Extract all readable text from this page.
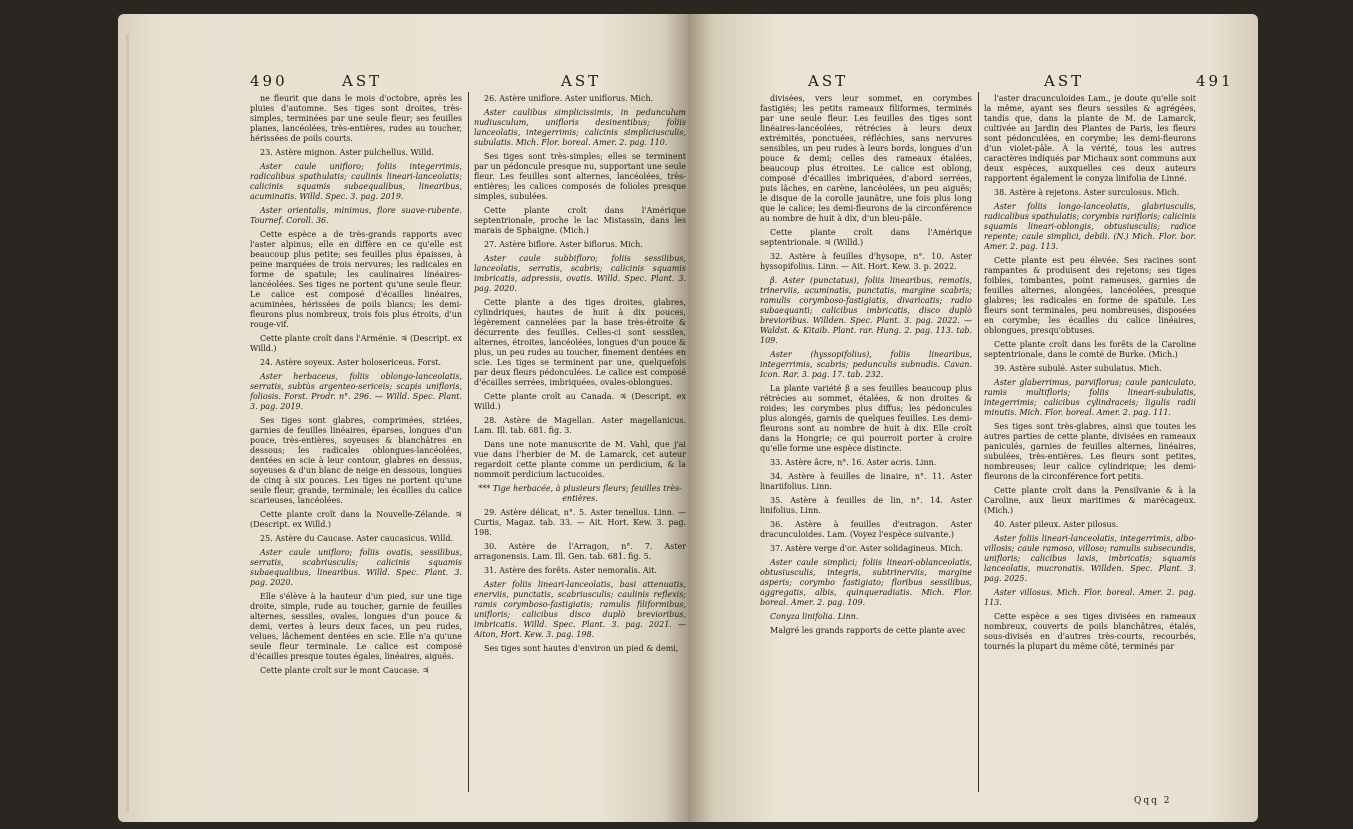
490	AST	AST

ne fleurit que dans le mois d'octobre, après les pluies d'automne. Ses tiges sont droites, très-simples, terminées par une seule fleur; ses feuilles planes, lancéolées, très-entières, rudes au toucher, hérissées de poils courts.

23. Astère mignon. Aster pulchellus. Willd.

Aster caule unifloro; foliis integerrimis, radicalibus spathulatis; caulinis lineari-lanceolatis; calicinis squamis subaequalibus, linearibus, acuminatis. Willd. Spec. 3. pag. 2019.

Aster orientalis, minimus, flore suave-rubente. Tournef. Coroll. 36.

Cette espèce a de très-grands rapports avec l'aster alpinus; elle en diffère en ce qu'elle est beaucoup plus petite; ses feuilles plus épaisses, à peine marquées de trois nervures; les radicales en forme de spatule; les caulinaires linéaires-lancéolées. Ses tiges ne portent qu'une seule fleur. Le calice est composé d'écailles linéaires, acuminées, hérissées de poils blancs; les demi-fleurons plus nombreux, trois fois plus étroits, d'un rouge-vif.

Cette plante croît dans l'Arménie. ♃ (Descript. ex Willd.)

24. Astère soyeux. Aster holosericeus. Forst.

Aster herbaceus, foliis oblongo-lanceolatis, serratis, subtùs argenteo-sericeis; scapis unifloris, foliosis. Forst. Prodr. n°. 296. — Willd. Spec. Plant. 3. pag. 2019.

Ses tiges sont glabres, comprimées, striées, garnies de feuilles linéaires, éparses, longues d'un pouce, très-entières, soyeuses & blanchâtres en dessous; les radicales oblongues-lancéolées, dentées en scie à leur contour, glabres en dessus, soyeuses & d'un blanc de neige en dessous, longues de cinq à six pouces. Les tiges ne portent qu'une seule fleur, grande, terminale; les écailles du calice scarieuses, lancéolées.

Cette plante croît dans la Nouvelle-Zélande. ♃ (Descript. ex Willd.)

25. Astère du Caucase. Aster caucasicus. Willd.

Aster caule unifloro; foliis ovatis, sessilibus, serratis, scabriusculis; calicinis squamis subaequalibus, linearibus. Willd. Spec. Plant. 3. pag. 2020.

Elle s'élève à la hauteur d'un pied, sur une tige droite, simple, rude au toucher, garnie de feuilles alternes, sessiles, ovales, longues d'un pouce & demi, vertes à leurs deux faces, un peu rudes, velues, lâchement dentées en scie. Elle n'a qu'une seule fleur terminale. Le calice est composé d'écailles presque toutes égales, linéaires, aiguës.

Cette plante croît sur le mont Caucase. ♃

26. Astère uniflore. Aster uniflorus. Mich.

Aster caulibus simplicissimis, in pedunculum nudiusculum, unifloris desinentibus; foliis lanceolatis, integerrimis; calicinis simpliciusculis, subulatis. Mich. Flor. boreal. Amer. 2. pag. 110.

Ses tiges sont très-simples; elles se terminent par un pédoncule presque nu, supportant une seule fleur. Les feuilles sont alternes, lancéolées, très-entières; les calices composés de folioles presque simples, subulées.

Cette plante croît dans l'Amérique septentrionale, proche le lac Mistassin, dans les marais de Sphaigne. (Mich.)

27. Astère biflore. Aster biflorus. Mich.

Aster caule subbifloro; foliis sessilibus, lanceolatis, serratis, scabris; calicinis squamis imbricatis, adpressis, ovatis. Willd. Spec. Plant. 3. pag. 2020.

Cette plante a des tiges droites, glabres, cylindriques, hautes de huit à dix pouces, légèrement cannelées par la base très-étroite & décurrente des feuilles. Celles-ci sont sessiles, alternes, étroites, lancéolées, longues d'un pouce & plus, un peu rudes au toucher, finement dentées en scie. Les tiges se terminent par une, quelquefois par deux fleurs pédonculées. Le calice est composé d'écailles serrées, imbriquées, ovales-oblongues.

Cette plante croît au Canada. ♃ (Descript. ex Willd.)

28. Astère de Magellan. Aster magellanicus. Lam. Ill. tab. 681. fig. 3.

Dans une note manuscrite de M. Vahl, que j'ai vue dans l'herbier de M. de Lamarck, cet auteur regardoit cette plante comme un perdicium, & la nommoit perdicium lactucoides.

*** Tige herbacée, à plusieurs fleurs; feuilles très-entières.

29. Astère délicat, n°. 5. Aster tenellus. Linn. — Curtis, Magaz. tab. 33. — Ait. Hort. Kew. 3. pag. 198.

30. Astère de l'Arragon, n°. 7. Aster arragonensis. Lam. Ill. Gen. tab. 681. fig. 5.

31. Astère des forêts. Aster nemoralis. Ait.

Aster foliis lineari-lanceolatis, basi attenuatis, enerviis, punctatis, scabriusculis; caulinis reflexis; ramis corymboso-fastigiatis; ramulis filiformibus, unifloris; calicibus disco duplò brevioribus, imbricatis. Willd. Spec. Plant. 3. pag. 2021. — Aiton, Hort. Kew. 3. pag. 198.

Ses tiges sont hautes d'environ un pied & demi,

AST	AST	491

divisées, vers leur sommet, en corymbes fastigiés; les petits rameaux filiformes, terminés par une seule fleur. Les feuilles des tiges sont linéaires-lancéolées, rétrécies à leurs deux extrémités, ponctuées, réfléchies, sans nervures sensibles, un peu rudes à leurs bords, longues d'un pouce & demi; celles des rameaux étalées, beaucoup plus étroites. Le calice est oblong, composé d'écailles imbriquées, d'abord serrées, puis lâches, en carène, lancéolées, un peu aiguës; le disque de la corolle jaunâtre, une fois plus long que le calice; les demi-fleurons de la circonférence au nombre de huit à dix, d'un bleu-pâle.

Cette plante croît dans l'Amérique septentrionale. ♃ (Willd.)

32. Astère à feuilles d'hysope, n°. 10. Aster hyssopifolius. Linn. — Ait. Hort. Kew. 3. p. 2022.

β. Aster (punctatus), foliis linearibus, remotis, trinerviis, acuminatis, punctatis, margine scabris; ramulis corymboso-fastigiatis, divaricatis; radio subaequanti; calicibus imbricatis, disco duplò brevioribus. Willden. Spec. Plant. 3. pag. 2022. — Waldst. & Kitaib. Plant. rar. Hung. 2. pag. 113. tab. 109.

Aster (hyssopifolius), foliis linearibus, integerrimis, scabris; pedunculis subnudis. Cavan. Icon. Rar. 3. pag. 17. tab. 232.

La plante variété β a ses feuilles beaucoup plus rétrécies au sommet, étalées, & non droites & roides; les corymbes plus diffus; les pédoncules plus alongés, garnis de quelques feuilles. Les demi-fleurons sont au nombre de huit à dix. Elle croît dans la Hongrie; ce qui pourroit porter à croire qu'elle forme une espèce distincte.

33. Astère âcre, n°. 16. Aster acris. Linn.

34. Astère à feuilles de linaire, n°. 11. Aster linariifolius. Linn.

35. Astère à feuilles de lin, n°. 14. Aster linifolius. Linn.

36. Astère à feuilles d'estragon. Aster dracunculoides. Lam. (Voyez l'espèce suivante.)

37. Astère verge d'or. Aster solidagineus. Mich.

Aster caule simplici; foliis lineari-oblanceolatis, obtusiusculis, integris, subtrinerviis, margine asperis; corymbo fastigiato; floribus sessilibus, aggregatis, albis, quinqueradiatis. Mich. Flor. boreal. Amer. 2. pag. 109.

Conyza linifolia. Linn.

Malgré les grands rapports de cette plante avec

l'aster dracunculoides Lam., je doute qu'elle soit la même, ayant ses fleurs sessiles & agrégées, tandis que, dans la plante de M. de Lamarck, cultivée au Jardin des Plantes de Paris, les fleurs sont pédonculées, en corymbe; les demi-fleurons d'un violet-pâle. À la vérité, tous les autres caractères indiqués par Michaux sont communs aux deux espèces, auxquelles ces deux auteurs rapportent également le conyza linifolia de Linné.

38. Astère à rejetons. Aster surculosus. Mich.

Aster foliis longo-lanceolatis, glabriusculis, radicalibus spathulatis; corymbis rarifloris; calicinis squamis lineari-oblongis, obtusiusculis; radice repente; caule simplici, debili. (N.) Mich. Flor. bor. Amer. 2. pag. 113.

Cette plante est peu élevée. Ses racines sont rampantes & produisent des rejetons; ses tiges foibles, tombantes, point rameuses, garnies de feuilles alternes, alongées, lancéolées, presque glabres; les radicales en forme de spatule. Les fleurs sont terminales, peu nombreuses, disposées en corymbe; les écailles du calice linéaires, oblongues, presqu'obtuses.

Cette plante croît dans les forêts de la Caroline septentrionale, dans le comté de Burke. (Mich.)

39. Astère subulé. Aster subulatus. Mich.

Aster glaberrimus, parviflorus; caule paniculato, ramis multifloris; foliis lineari-subulatis, integerrimis; calicibus cylindraceis; ligulis radii minutis. Mich. Flor. boreal. Amer. 2. pag. 111.

Ses tiges sont très-glabres, ainsi que toutes les autres parties de cette plante, divisées en rameaux paniculés, garnies de feuilles alternes, linéaires, subulées, très-entières. Les fleurs sont petites, nombreuses; leur calice cylindrique; les demi-fleurons de la circonférence fort petits.

Cette plante croît dans la Pensilvanie & à la Caroline, aux lieux maritimes & marécageux. (Mich.)

40. Aster pileux. Aster pilosus.

Aster foliis lineari-lanceolatis, integerrimis, albo-villosis; caule ramoso, villoso; ramulis subsecundis, unifloris; calicibus laxis, imbricatis; squamis lanceolatis, mucronatis. Willden. Spec. Plant. 3. pag. 2025.

Aster villosus. Mich. Flor. boreal. Amer. 2. pag. 113.

Cette espèce a ses tiges divisées en rameaux nombreux, couverts de poils blanchâtres, étalés, sous-divisés en d'autres très-courts, recourbés, tournés la plupart du même côté, terminés par

Qqq 2
